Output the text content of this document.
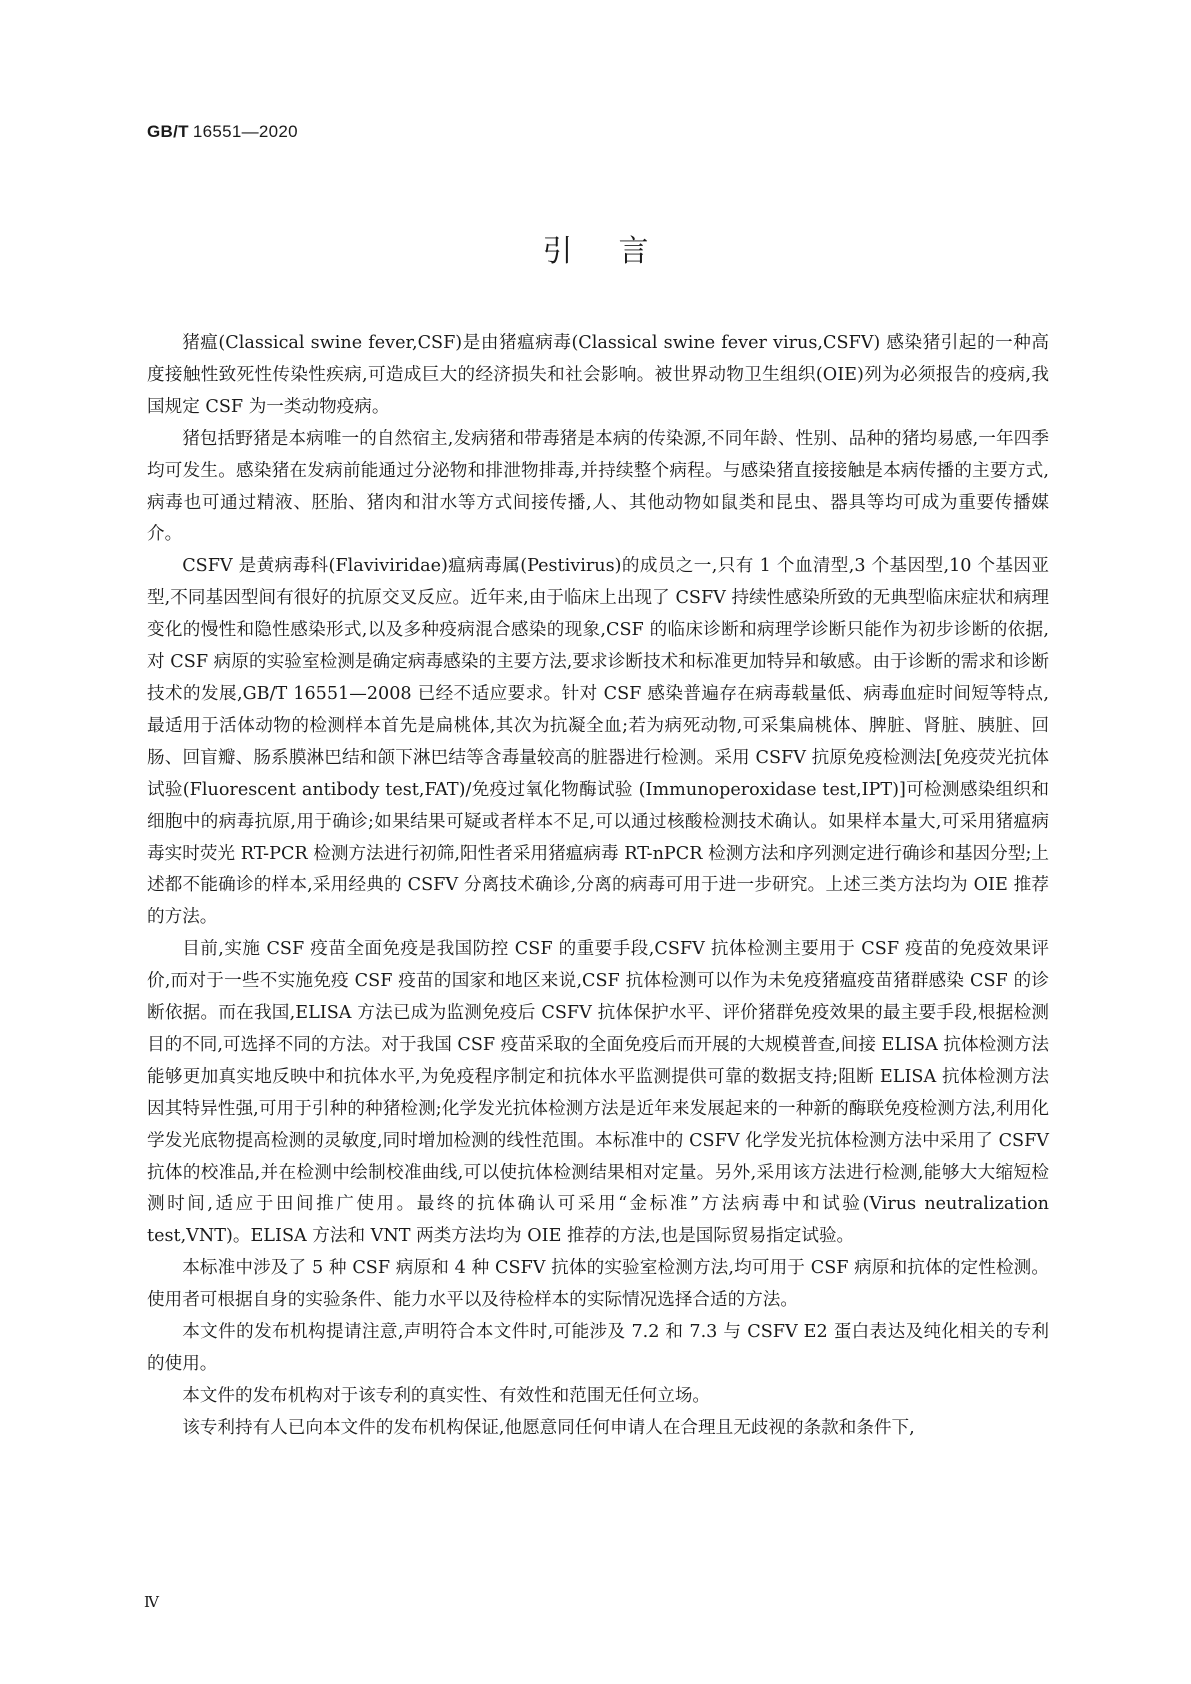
GB/T 16551—2020
引言

猪瘟(Classical swine fever,CSF)是由猪瘟病毒(Classical swine fever virus,CSFV) 感染猪引起的一种高度接触性致死性传染性疾病,可造成巨大的经济损失和社会影响。被世界动物卫生组织(OIE)列为必须报告的疫病,我国规定 CSF 为一类动物疫病。

猪包括野猪是本病唯一的自然宿主,发病猪和带毒猪是本病的传染源,不同年龄、性别、品种的猪均易感,一年四季均可发生。感染猪在发病前能通过分泌物和排泄物排毒,并持续整个病程。与感染猪直接接触是本病传播的主要方式,病毒也可通过精液、胚胎、猪肉和泔水等方式间接传播,人、其他动物如鼠类和昆虫、器具等均可成为重要传播媒介。

CSFV 是黄病毒科(Flaviviridae)瘟病毒属(Pestivirus)的成员之一,只有 1 个血清型,3 个基因型,10 个基因亚型,不同基因型间有很好的抗原交叉反应。近年来,由于临床上出现了 CSFV 持续性感染所致的无典型临床症状和病理变化的慢性和隐性感染形式,以及多种疫病混合感染的现象,CSF 的临床诊断和病理学诊断只能作为初步诊断的依据,对 CSF 病原的实验室检测是确定病毒感染的主要方法,要求诊断技术和标准更加特异和敏感。由于诊断的需求和诊断技术的发展,GB/T 16551—2008 已经不适应要求。针对 CSF 感染普遍存在病毒载量低、病毒血症时间短等特点,最适用于活体动物的检测样本首先是扁桃体,其次为抗凝全血;若为病死动物,可采集扁桃体、脾脏、肾脏、胰脏、回肠、回盲瓣、肠系膜淋巴结和颌下淋巴结等含毒量较高的脏器进行检测。采用 CSFV 抗原免疫检测法[免疫荧光抗体试验(Fluorescent antibody test,FAT)/免疫过氧化物酶试验 (Immunoperoxidase test,IPT)]可检测感染组织和细胞中的病毒抗原,用于确诊;如果结果可疑或者样本不足,可以通过核酸检测技术确认。如果样本量大,可采用猪瘟病毒实时荧光 RT-PCR 检测方法进行初筛,阳性者采用猪瘟病毒 RT-nPCR 检测方法和序列测定进行确诊和基因分型;上述都不能确诊的样本,采用经典的 CSFV 分离技术确诊,分离的病毒可用于进一步研究。上述三类方法均为 OIE 推荐的方法。

目前,实施 CSF 疫苗全面免疫是我国防控 CSF 的重要手段,CSFV 抗体检测主要用于 CSF 疫苗的免疫效果评价,而对于一些不实施免疫 CSF 疫苗的国家和地区来说,CSF 抗体检测可以作为未免疫猪瘟疫苗猪群感染 CSF 的诊断依据。而在我国,ELISA 方法已成为监测免疫后 CSFV 抗体保护水平、评价猪群免疫效果的最主要手段,根据检测目的不同,可选择不同的方法。对于我国 CSF 疫苗采取的全面免疫后而开展的大规模普查,间接 ELISA 抗体检测方法能够更加真实地反映中和抗体水平,为免疫程序制定和抗体水平监测提供可靠的数据支持;阻断 ELISA 抗体检测方法因其特异性强,可用于引种的种猪检测;化学发光抗体检测方法是近年来发展起来的一种新的酶联免疫检测方法,利用化学发光底物提高检测的灵敏度,同时增加检测的线性范围。本标准中的 CSFV 化学发光抗体检测方法中采用了 CSFV 抗体的校准品,并在检测中绘制校准曲线,可以使抗体检测结果相对定量。另外,采用该方法进行检测,能够大大缩短检测时间,适应于田间推广使用。最终的抗体确认可采用“金标准”方法病毒中和试验(Virus neutralization test,VNT)。ELISA 方法和 VNT 两类方法均为 OIE 推荐的方法,也是国际贸易指定试验。

本标准中涉及了 5 种 CSF 病原和 4 种 CSFV 抗体的实验室检测方法,均可用于 CSF 病原和抗体的定性检测。使用者可根据自身的实验条件、能力水平以及待检样本的实际情况选择合适的方法。

本文件的发布机构提请注意,声明符合本文件时,可能涉及 7.2 和 7.3 与 CSFV E2 蛋白表达及纯化相关的专利的使用。

本文件的发布机构对于该专利的真实性、有效性和范围无任何立场。

该专利持有人已向本文件的发布机构保证,他愿意同任何申请人在合理且无歧视的条款和条件下,

Ⅳ
